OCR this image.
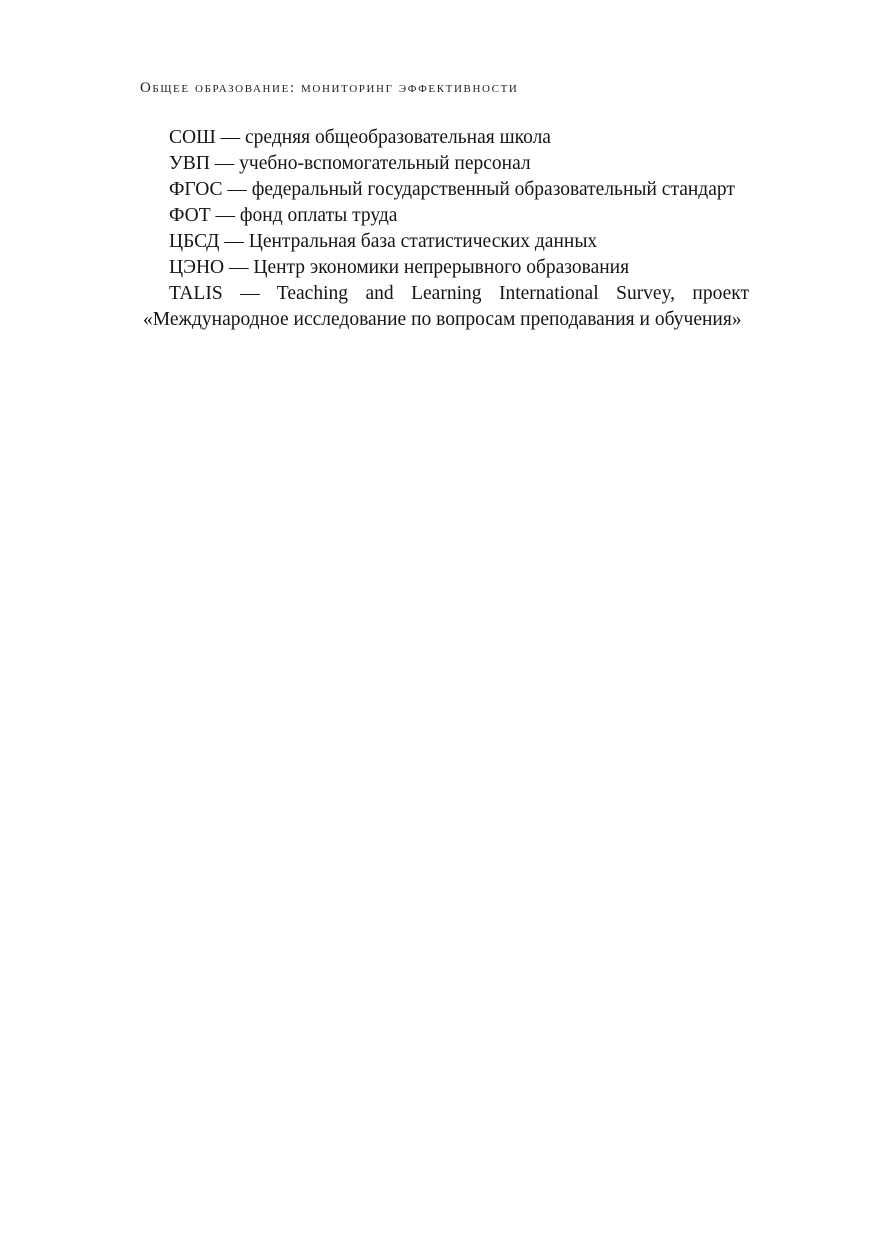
Общее образование: мониторинг эффективности

СОШ — средняя общеобразовательная школа

УВП — учебно-вспомогательный персонал

ФГОС — федеральный государственный образовательный стандарт

ФОТ — фонд оплаты труда

ЦБСД — Центральная база статистических данных

ЦЭНО — Центр экономики непрерывного образования

TALIS — Teaching and Learning International Survey, проект «Международное исследование по вопросам преподавания и обучения»
